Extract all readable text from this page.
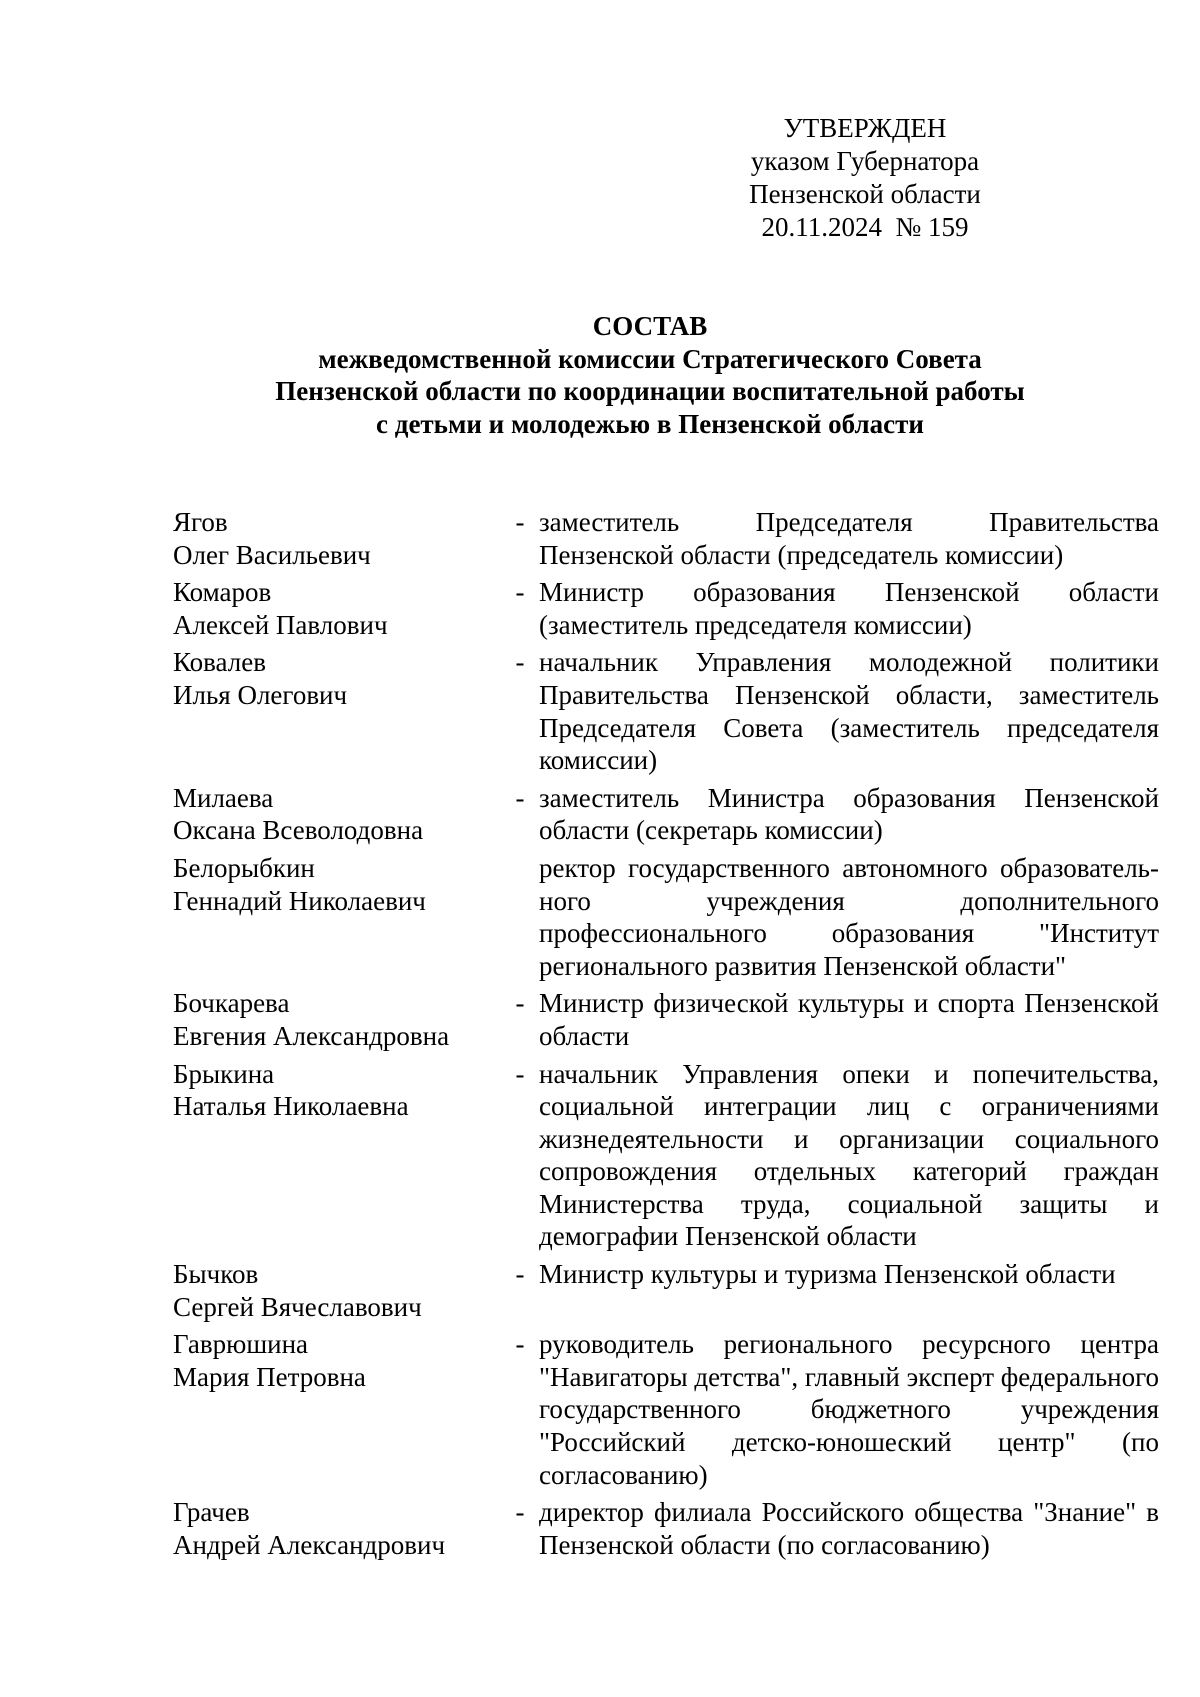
УТВЕРЖДЕН
указом Губернатора
Пензенской области
20.11.2024  № 159
СОСТАВ
межведомственной комиссии Стратегического Совета
Пензенской области по координации воспитательной работы
с детьми и молодежью в Пензенской области
Ягов
Олег Васильевич
- заместитель Председателя Правительства Пензенской области (председатель комиссии)
Комаров
Алексей Павлович
- Министр образования Пензенской области (заместитель председателя комиссии)
Ковалев
Илья Олегович
- начальник Управления молодежной политики Правительства Пензенской области, заместитель Председателя Совета (заместитель председателя комиссии)
Милаева
Оксана Всеволодовна
- заместитель Министра образования Пензенской области (секретарь комиссии)
Белорыбкин
Геннадий Николаевич
ректор государственного автономного образовательного учреждения дополнительного профессионального образования "Институт регионального развития Пензенской области"
Бочкарева
Евгения Александровна
- Министр физической культуры и спорта Пензенской области
Брыкина
Наталья Николаевна
- начальник Управления опеки и попечительства, социальной интеграции лиц с ограничениями жизнедеятельности и организации социального сопровождения отдельных категорий граждан Министерства труда, социальной защиты и демографии Пензенской области
Бычков
Сергей Вячеславович
- Министр культуры и туризма Пензенской области
Гаврюшина
Мария Петровна
- руководитель регионального ресурсного центра "Навигаторы детства", главный эксперт федерального государственного бюджетного учреждения "Российский детско-юношеский центр" (по согласованию)
Грачев
Андрей Александрович
- директор филиала Российского общества "Знание" в Пензенской области (по согласованию)
